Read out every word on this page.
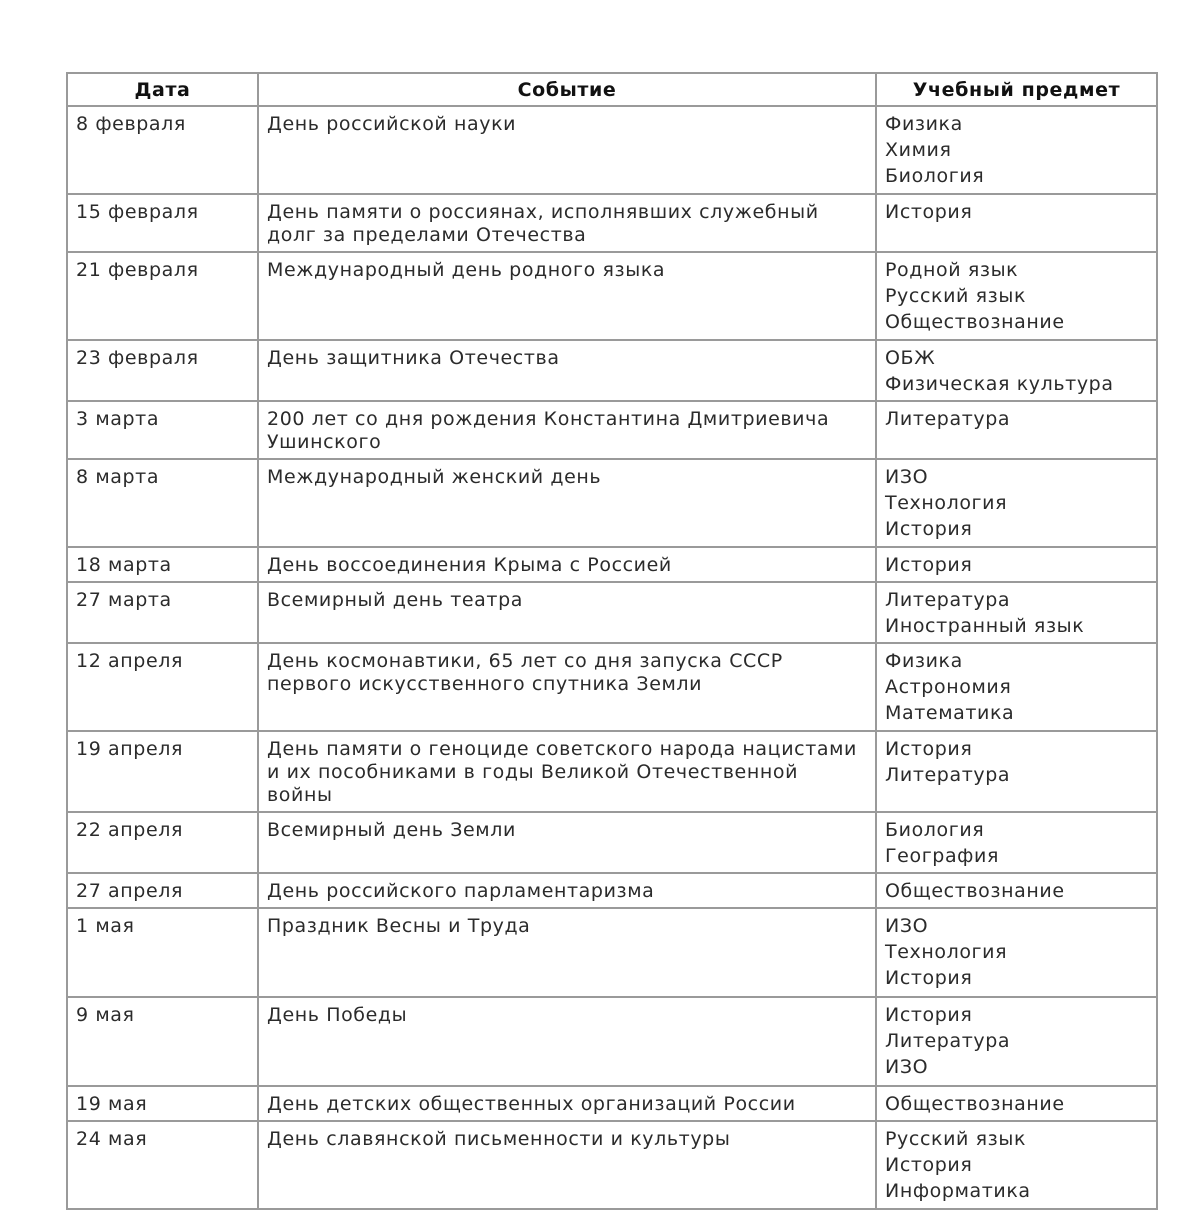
Дата	Событие	Учебный предмет

8 февраля	День российской науки	Физика
Химия
Биология

15 февраля	День памяти о россиянах, исполнявших служебный долг за пределами Отечества	История

21 февраля	Международный день родного языка	Родной язык
Русский язык
Обществознание

23 февраля	День защитника Отечества	ОБЖ
Физическая культура

3 марта	200 лет со дня рождения Константина Дмитриевича Ушинского	Литература

8 марта	Международный женский день	ИЗО
Технология
История

18 марта	День воссоединения Крыма с Россией	История

27 марта	Всемирный день театра	Литература
Иностранный язык

12 апреля	День космонавтики, 65 лет со дня запуска СССР первого искусственного спутника Земли	Физика
Астрономия
Математика

19 апреля	День памяти о геноциде советского народа нацистами и их пособниками в годы Великой Отечественной войны	История
Литература

22 апреля	Всемирный день Земли	Биология
География

27 апреля	День российского парламентаризма	Обществознание

1 мая	Праздник Весны и Труда	ИЗО
Технология
История

9 мая	День Победы	История
Литература
ИЗО

19 мая	День детских общественных организаций России	Обществознание

24 мая	День славянской письменности и культуры	Русский язык
История
Информатика
